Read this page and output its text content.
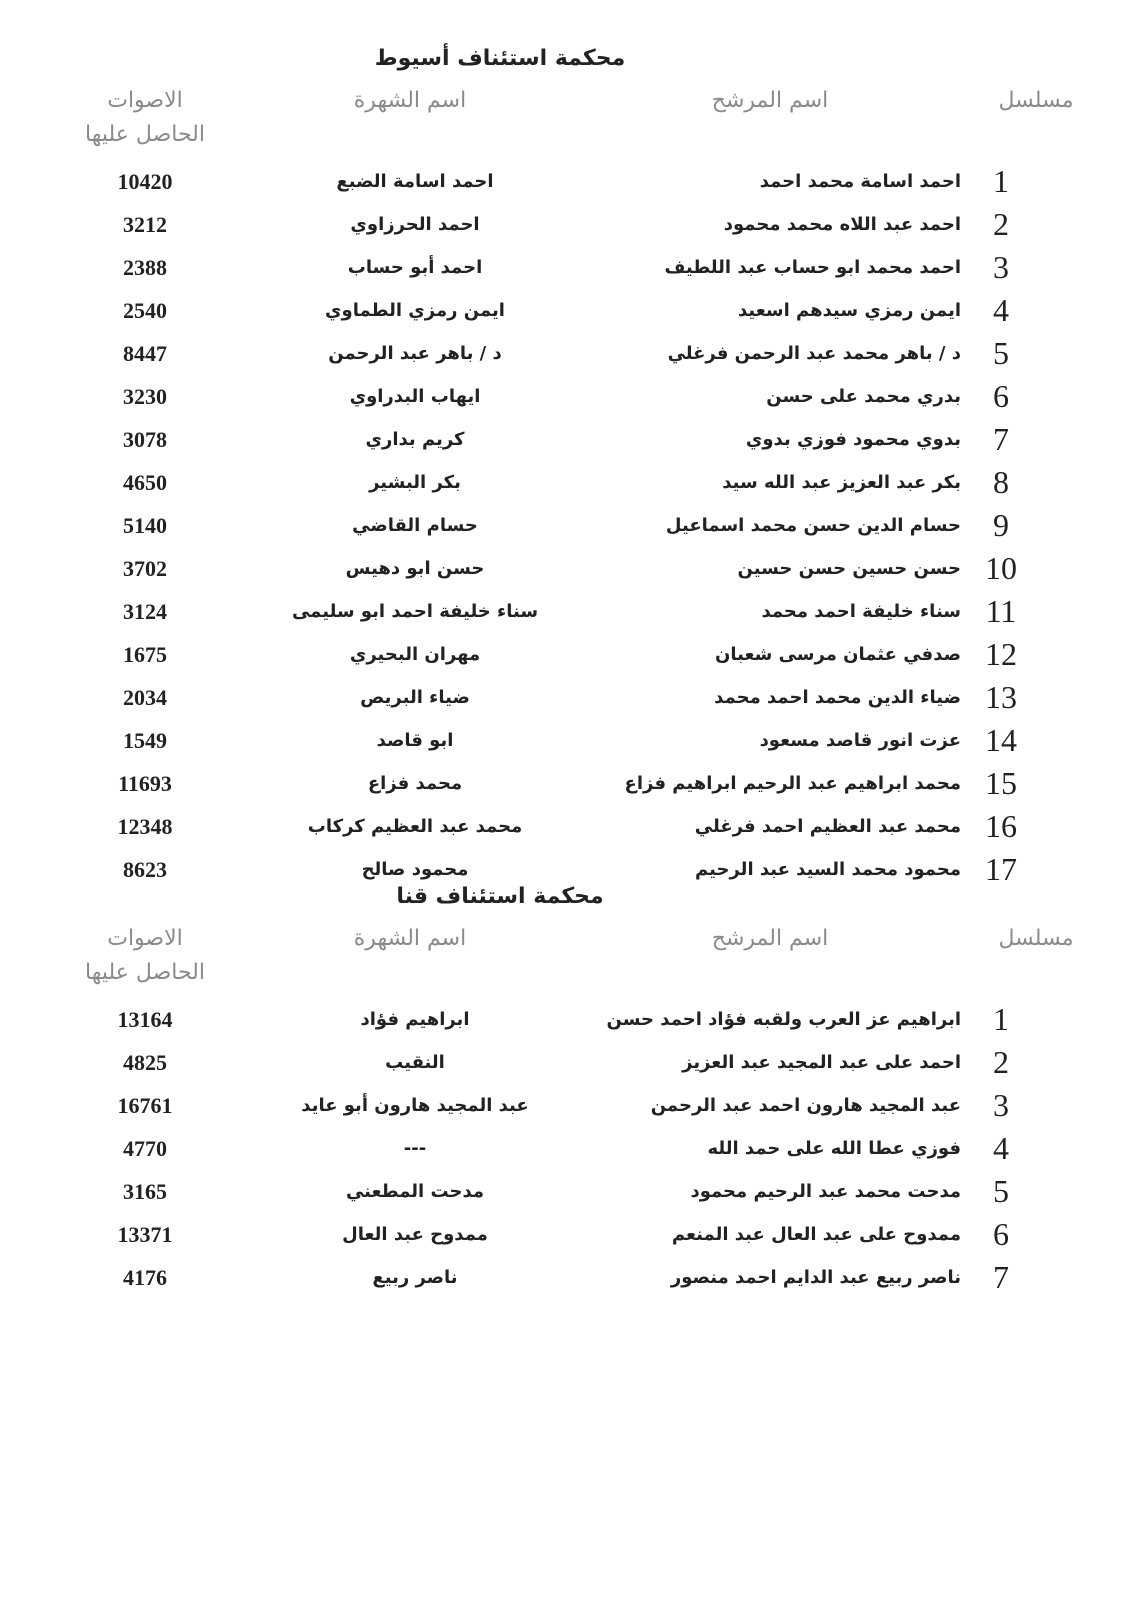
محكمة استئناف أسيوط
مسلسل
اسم المرشح
اسم الشهرة
الاصوات
الحاصل عليها
1
احمد اسامة محمد احمد
احمد اسامة الضبع
10420
2
احمد عبد اللاه محمد محمود
احمد الحرزاوي
3212
3
احمد محمد ابو حساب عبد اللطيف
احمد أبو حساب
2388
4
ايمن رمزي سيدهم اسعيد
ايمن رمزي الطماوي
2540
5
د / باهر محمد عبد الرحمن فرغلي
د / باهر عبد الرحمن
8447
6
بدري محمد على حسن
ايهاب البدراوي
3230
7
بدوي محمود فوزي بدوي
كريم بداري
3078
8
بكر عبد العزيز عبد الله سيد
بكر البشير
4650
9
حسام الدين حسن محمد اسماعيل
حسام القاضي
5140
10
حسن حسين حسن حسين
حسن ابو دهيس
3702
11
سناء خليفة احمد محمد
سناء خليفة احمد ابو سليمى
3124
12
صدفي عثمان مرسى شعبان
مهران البحيري
1675
13
ضياء الدين محمد احمد محمد
ضياء البريص
2034
14
عزت انور قاصد مسعود
ابو قاصد
1549
15
محمد ابراهيم عبد الرحيم ابراهيم فزاع
محمد فزاع
11693
16
محمد عبد العظيم احمد فرغلي
محمد عبد العظيم كركاب
12348
17
محمود محمد السيد عبد الرحيم
محمود صالح
8623
محكمة استئناف قنا
مسلسل
اسم المرشح
اسم الشهرة
الاصوات
الحاصل عليها
1
ابراهيم عز العرب ولقبه فؤاد احمد حسن
ابراهيم فؤاد
13164
2
احمد على عبد المجيد عبد العزيز
النقيب
4825
3
عبد المجيد هارون احمد عبد الرحمن
عبد المجيد هارون أبو عايد
16761
4
فوزي عطا الله على حمد الله
---
4770
5
مدحت محمد عبد الرحيم محمود
مدحت المطعني
3165
6
ممدوح على عبد العال عبد المنعم
ممدوح عبد العال
13371
7
ناصر ربيع عبد الدايم احمد منصور
ناصر ربيع
4176
